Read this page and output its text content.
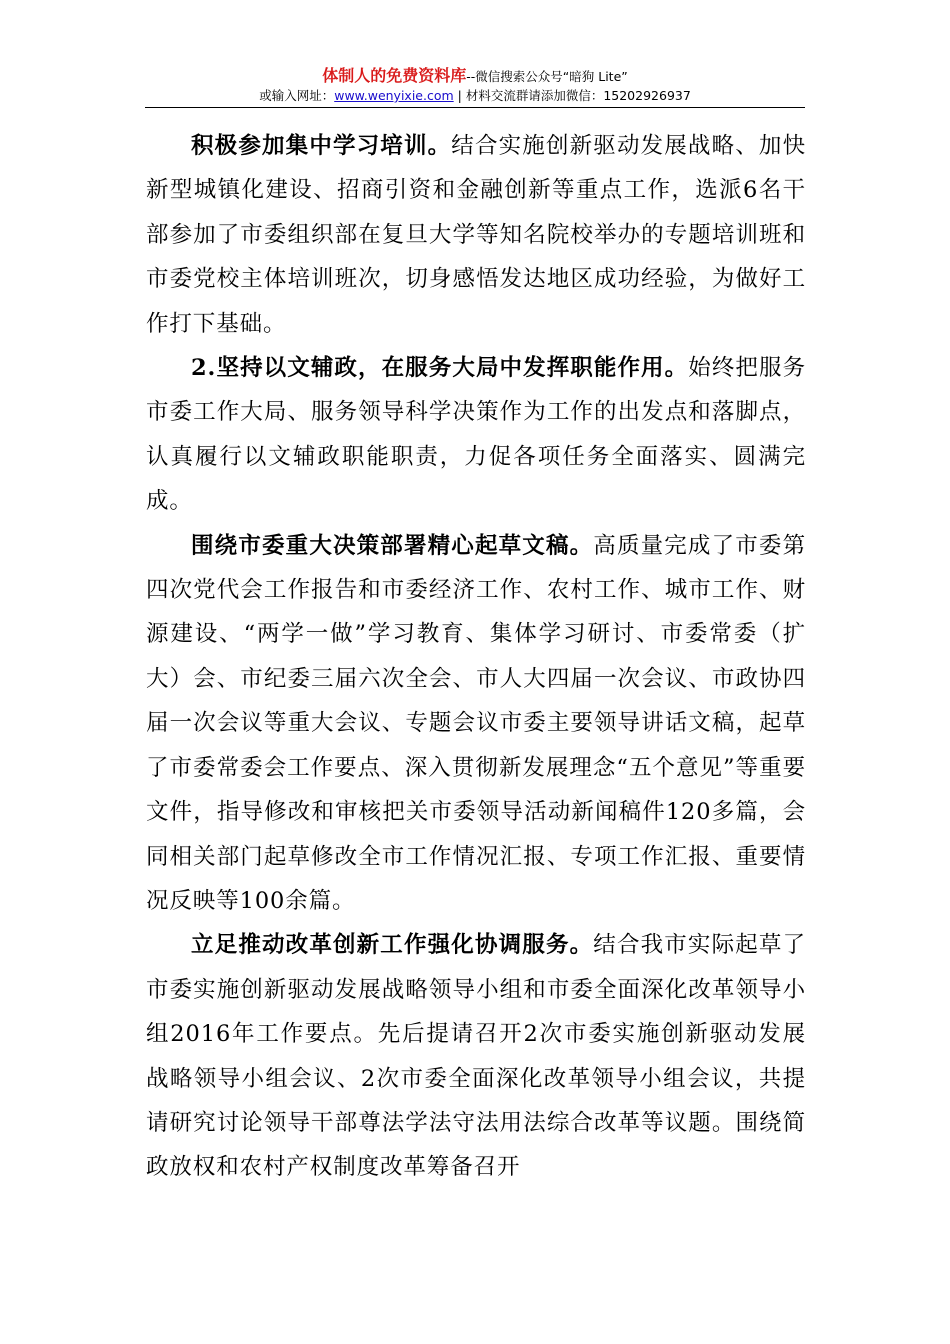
体制人的免费资料库--微信搜索公众号“暗狗 Lite”
或输入网址：www.wenyixie.com | 材料交流群请添加微信：15202926937

积极参加集中学习培训。结合实施创新驱动发展战略、加快新型城镇化建设、招商引资和金融创新等重点工作，选派6名干部参加了市委组织部在复旦大学等知名院校举办的专题培训班和市委党校主体培训班次，切身感悟发达地区成功经验，为做好工作打下基础。

2.坚持以文辅政，在服务大局中发挥职能作用。始终把服务市委工作大局、服务领导科学决策作为工作的出发点和落脚点，认真履行以文辅政职能职责，力促各项任务全面落实、圆满完成。

围绕市委重大决策部署精心起草文稿。高质量完成了市委第四次党代会工作报告和市委经济工作、农村工作、城市工作、财源建设、“两学一做”学习教育、集体学习研讨、市委常委（扩大）会、市纪委三届六次全会、市人大四届一次会议、市政协四届一次会议等重大会议、专题会议市委主要领导讲话文稿，起草了市委常委会工作要点、深入贯彻新发展理念“五个意见”等重要文件，指导修改和审核把关市委领导活动新闻稿件120多篇，会同相关部门起草修改全市工作情况汇报、专项工作汇报、重要情况反映等100余篇。

立足推动改革创新工作强化协调服务。结合我市实际起草了市委实施创新驱动发展战略领导小组和市委全面深化改革领导小组2016年工作要点。先后提请召开2次市委实施创新驱动发展战略领导小组会议、2次市委全面深化改革领导小组会议，共提请研究讨论领导干部尊法学法守法用法综合改革等议题。围绕简政放权和农村产权制度改革筹备召开
